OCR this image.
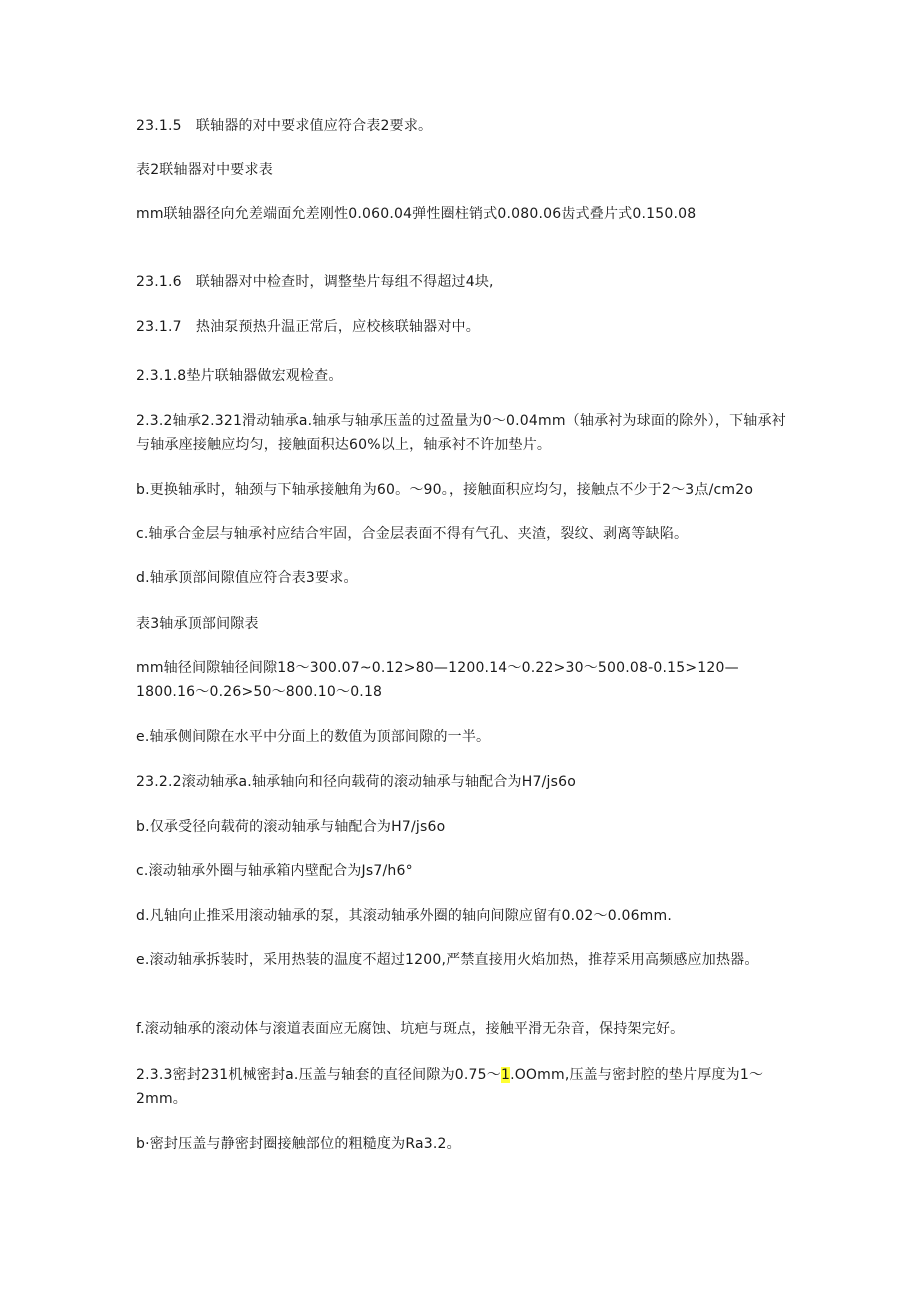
23.1.5　联轴器的对中要求值应符合表2要求。

表2联轴器对中要求表

mm联轴器径向允差端面允差刚性0.060.04弹性圈柱销式0.080.06齿式叠片式0.150.08

23.1.6　联轴器对中检查时，调整垫片每组不得超过4块,

23.1.7　热油泵预热升温正常后，应校核联轴器对中。

2.3.1.8垫片联轴器做宏观检查。

2.3.2轴承2.321滑动轴承a.轴承与轴承压盖的过盈量为0～0.04mm（轴承衬为球面的除外），下轴承衬与轴承座接触应均匀，接触面积达60%以上，轴承衬不许加垫片。

b.更换轴承时，轴颈与下轴承接触角为60。～90。，接触面积应均匀，接触点不少于2～3点/cm2o

c.轴承合金层与轴承衬应结合牢固，合金层表面不得有气孔、夹渣，裂纹、剥离等缺陷。

d.轴承顶部间隙值应符合表3要求。

表3轴承顶部间隙表

mm轴径间隙轴径间隙18～300.07~0.12>80—1200.14～0.22>30～500.08-0.15>120—1800.16～0.26>50～800.10～0.18

e.轴承侧间隙在水平中分面上的数值为顶部间隙的一半。

23.2.2滚动轴承a.轴承轴向和径向载荷的滚动轴承与轴配合为H7/js6o

b.仅承受径向载荷的滚动轴承与轴配合为H7/js6o

c.滚动轴承外圈与轴承箱内壁配合为Js7/h6°

d.凡轴向止推采用滚动轴承的泵，其滚动轴承外圈的轴向间隙应留有0.02～0.06mm.

e.滚动轴承拆装时，采用热装的温度不超过1200,严禁直接用火焰加热，推荐采用高频感应加热器。

f.滚动轴承的滚动体与滚道表面应无腐蚀、坑疤与斑点，接触平滑无杂音，保持架完好。

2.3.3密封231机械密封a.压盖与轴套的直径间隙为0.75～1.OOmm,压盖与密封腔的垫片厚度为1～2mm。

b·密封压盖与静密封圈接触部位的粗糙度为Ra3.2。
